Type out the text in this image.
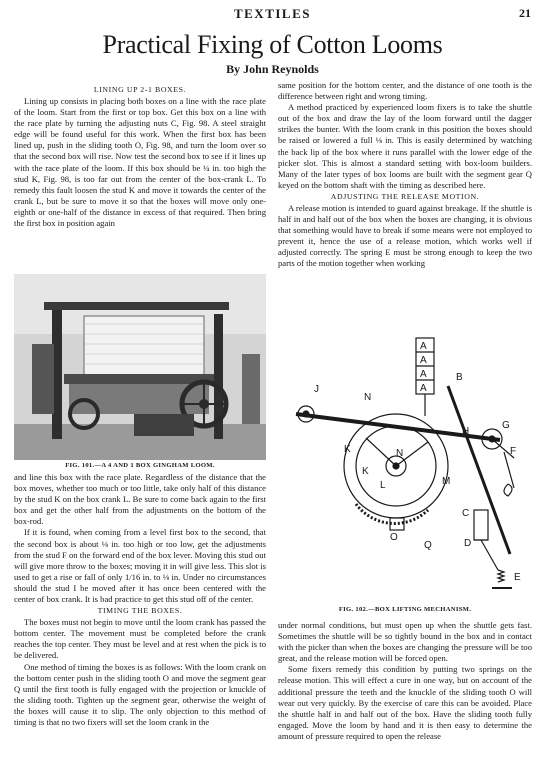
TEXTILES	21
Practical Fixing of Cotton Looms
By John Reynolds
LINING UP 2-1 BOXES.

Lining up consists in placing both boxes on a line with the race plate of the loom. Start from the first or top box. Get this box on a line with the race plate by turning the adjusting nuts C, Fig. 98. A steel straight edge will be found useful for this work. When the first box has been lined up, push in the sliding tooth O, Fig. 98, and turn the loom over so that the second box will rise. Now test the second box to see if it lines up with the race plate of the loom. If this box should be ¼ in. too high the stud K, Fig. 98, is too far out from the center of the box-crank L. To remedy this fault loosen the stud K and move it towards the center of the crank L, but be sure to move it so that the boxes will move only one-eighth or one-half of the distance in excess of that required. Then bring the first box in position again

FIG. 101.—A 4 AND 1 BOX GINGHAM LOOM.

and line this box with the race plate. Regardless of the distance that the box moves, whether too much or too little, take only half of this distance by the stud K on the box crank L. Be sure to come back again to the first box and get the other half from the adjustments on the bottom of the box-rod.

If it is found, when coming from a level first box to the second, that the second box is about ⅛ in. too high or too low, get the adjustments from the stud F on the forward end of the box lever. Moving this stud out will give more throw to the boxes; moving it in will give less. This slot is used to get a rise or fall of only 1/16 in. to ⅛ in. Under no circumstances should the stud I be moved after it has once been centered with the center of box crank. It is bad practice to get this stud off of the center.

TIMING THE BOXES.

The boxes must not begin to move until the loom crank has passed the bottom center. The movement must be completed before the crank reaches the top center. They must be level and at rest when the pick is to be delivered.

One method of timing the boxes is as follows: With the loom crank on the bottom center push in the sliding tooth O and move the segment gear Q until the first tooth is fully engaged with the projection or knuckle of the sliding tooth. Tighten up the segment gear, otherwise the weight of the boxes will cause it to slip. The only objection to this method of timing is that no two fixers will set the loom crank in the

same position for the bottom center, and the distance of one tooth is the difference between right and wrong timing.

A method practiced by experienced loom fixers is to take the shuttle out of the box and draw the lay of the loom forward until the dagger strikes the bunter. With the loom crank in this position the boxes should be raised or lowered a full ⅛ in. This is easily determined by watching the back lip of the box where it runs parallel with the lower edge of the picker slot. This is almost a standard setting with box-loom builders. Many of the later types of box looms are built with the segment gear Q keyed on the bottom shaft with the timing as described here.

ADJUSTING THE RELEASE MOTION.

A release motion is intended to guard against breakage. If the shuttle is half in and half out of the box when the boxes are changing, it is obvious that something would have to break if some means were not employed to prevent it, hence the use of a release motion, which works well if adjusted correctly. The spring E must be strong enough to keep the two parts of the motion together when working

A
A
A
A
B
J
N
N
H
G
F
K
K
L	M
O
Q
C
D
E
FIG. 102.—BOX LIFTING MECHANISM.

under normal conditions, but must open up when the shuttle gets fast. Sometimes the shuttle will be so tightly bound in the box and in contact with the picker than when the boxes are changing the pressure will be too great, and the release motion will be forced open.

Some fixers remedy this condition by putting two springs on the release motion. This will effect a cure in one way, but on account of the additional pressure the teeth and the knuckle of the sliding tooth O will wear out very quickly. By the exercise of care this can be avoided. Place the shuttle half in and half out of the box. Have the sliding tooth fully engaged. Move the loom by hand and it is then easy to determine the amount of pressure required to open the release
